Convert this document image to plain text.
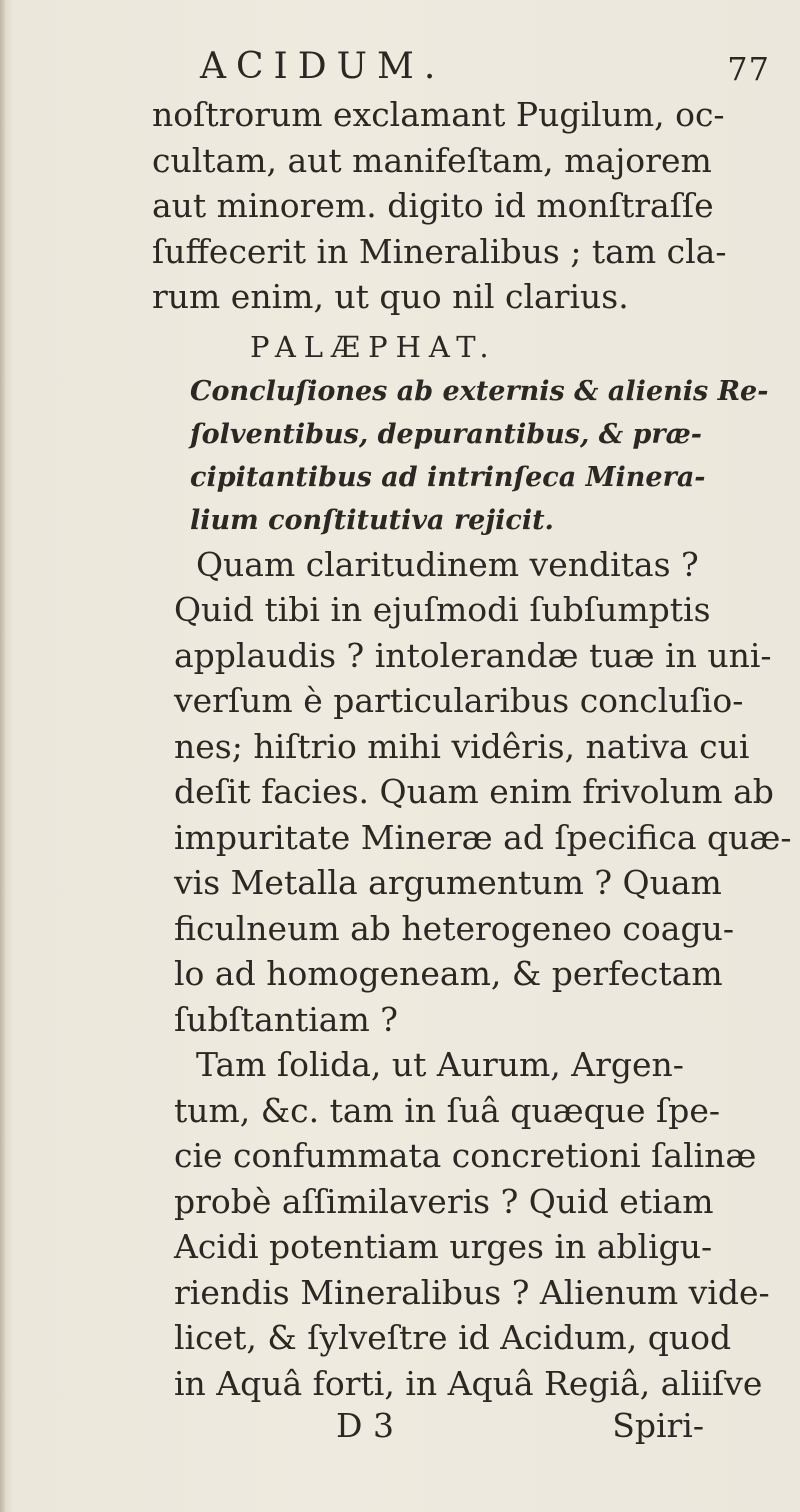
ACIDUM.	77
noſtrorum exclamant Pugilum, oc-
cultam, aut manifeſtam, majorem
aut minorem. digito id monſtraſſe
ſuffecerit in Mineralibus ; tam cla-
rum enim, ut quo nil clarius.
PALÆPHAT.
Concluſiones ab externis & alienis Re-
ſolventibus, depurantibus, & præ-
cipitantibus ad intrinſeca Minera-
lium conſtitutiva rejicit.
Quam claritudinem venditas ?
Quid tibi in ejuſmodi ſubſumptis
applaudis ? intolerandæ tuæ in uni-
verſum è particularibus concluſio-
nes; hiſtrio mihi vidêris, nativa cui
deſit facies. Quam enim frivolum ab
impuritate Mineræ ad ſpecifica quæ-
vis Metalla argumentum ? Quam
ficulneum ab heterogeneo coagu-
lo ad homogeneam, & perfectam
ſubſtantiam ?
Tam ſolida, ut Aurum, Argen-
tum, &c. tam in ſuâ quæque ſpe-
cie confummata concretioni ſalinæ
probè aſſimilaveris ? Quid etiam
Acidi potentiam urges in abligu-
riendis Mineralibus ? Alienum vide-
licet, & ſylveſtre id Acidum, quod
in Aquâ forti, in Aquâ Regiâ, aliiſve
D 3	Spiri-
